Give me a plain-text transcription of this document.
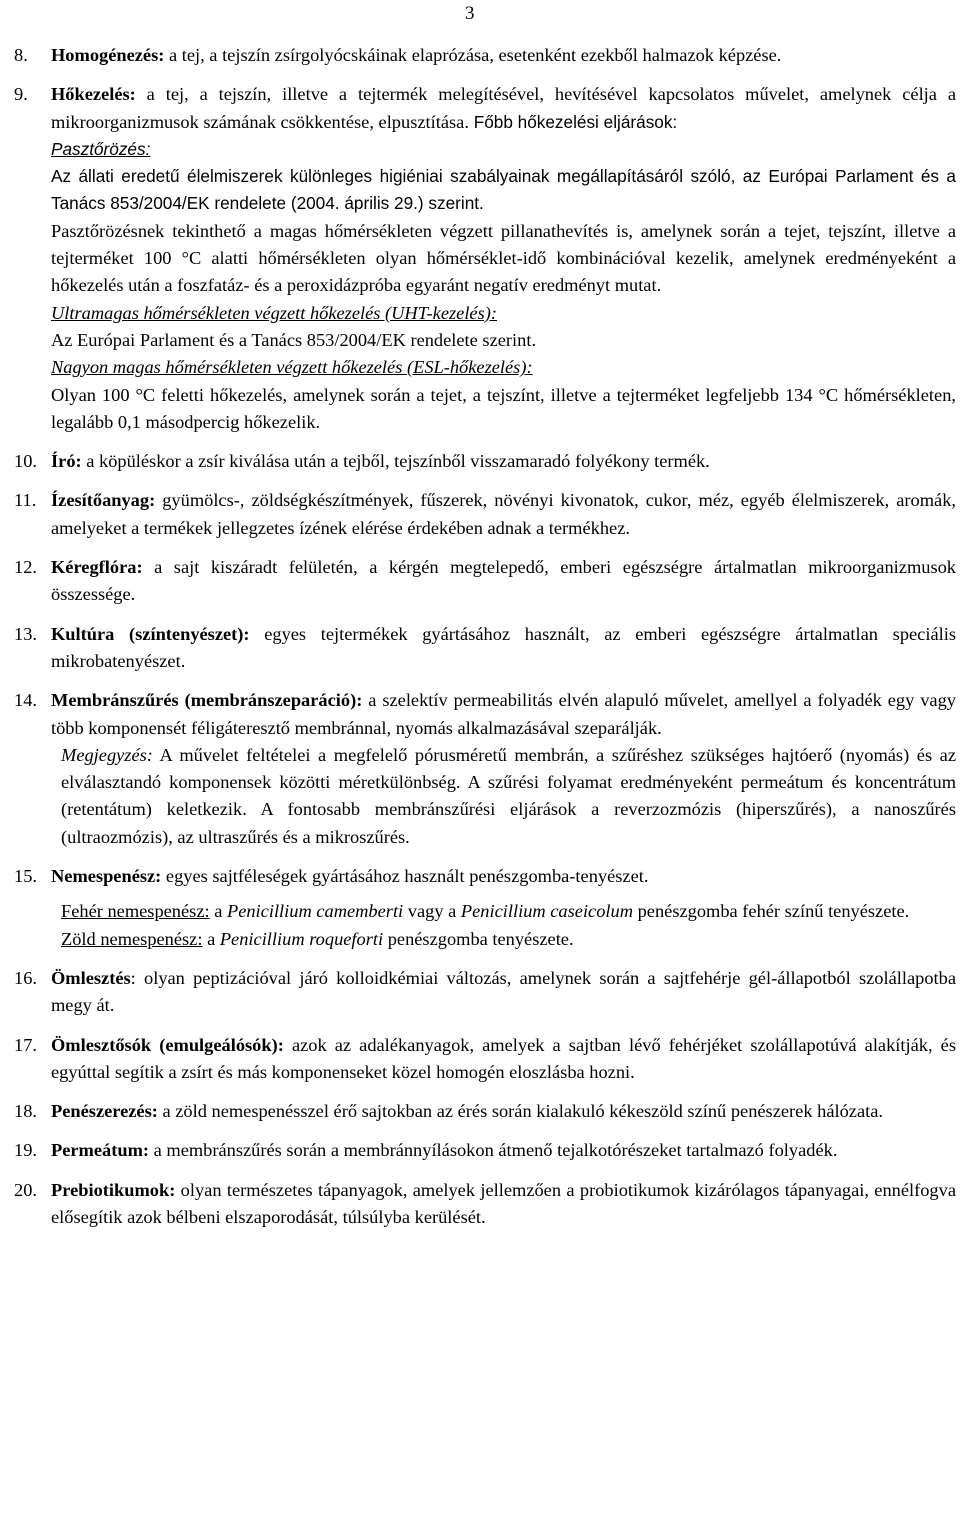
3
8.	Homogénezés: a tej, a tejszín zsírgolyócskáinak elaprózása, esetenként ezekből halmazok képzése.
9.	Hőkezelés: a tej, a tejszín, illetve a tejtermék melegítésével, hevítésével kapcsolatos művelet, amelynek célja a mikroorganizmusok számának csökkentése, elpusztítása. Főbb hőkezelési eljárások:

Pasztőrözés:

Az állati eredetű élelmiszerek különleges higiéniai szabályainak megállapításáról szóló, az Európai Parlament és a Tanács 853/2004/EK rendelete (2004. április 29.) szerint.

Pasztőrözésnek tekinthető a magas hőmérsékleten végzett pillanathevítés is, amelynek során a tejet, tejszínt, illetve a tejterméket 100 °C alatti hőmérsékleten olyan hőmérséklet-idő kombinációval kezelik, amelynek eredményeként a hőkezelés után a foszfatáz- és a peroxidázpróba egyaránt negatív eredményt mutat.

Ultramagas hőmérsékleten végzett hőkezelés (UHT-kezelés):

Az Európai Parlament és a Tanács 853/2004/EK rendelete szerint.

Nagyon magas hőmérsékleten végzett hőkezelés (ESL-hőkezelés):

Olyan 100 °C feletti hőkezelés, amelynek során a tejet, a tejszínt, illetve a tejterméket legfeljebb 134 °C hőmérsékleten, legalább 0,1 másodpercig hőkezelik.

10. Író: a köpüléskor a zsír kiválása után a tejből, tejszínből visszamaradó folyékony termék.
11. Ízesítőanyag: gyümölcs-, zöldségkészítmények, fűszerek, növényi kivonatok, cukor, méz, egyéb élelmiszerek, aromák, amelyeket a termékek jellegzetes ízének elérése érdekében adnak a termékhez.
12. Kéregflóra: a sajt kiszáradt felületén, a kérgén megtelepedő, emberi egészségre ártalmatlan mikroorganizmusok összessége.
13. Kultúra (színtenyészet): egyes tejtermékek gyártásához használt, az emberi egészségre ártalmatlan speciális mikrobatenyészet.
14. Membránszűrés (membránszeparáció): a szelektív permeabilitás elvén alapuló művelet, amellyel a folyadék egy vagy több komponensét féligáteresztő membránnal, nyomás alkalmazásával szeparálják.

Megjegyzés: A művelet feltételei a megfelelő pórusméretű membrán, a szűréshez szükséges hajtóerő (nyomás) és az elválasztandó komponensek közötti méretkülönbség. A szűrési folyamat eredményeként permeátum és koncentrátum (retentátum) keletkezik. A fontosabb membránszűrési eljárások a reverzozmózis (hiperszűrés), a nanoszűrés (ultraozmózis), az ultraszűrés és a mikroszűrés.

15. Nemespenész: egyes sajtféleségek gyártásához használt penészgomba-tenyészet.

Fehér nemespenész: a Penicillium camemberti vagy a Penicillium caseicolum penészgomba fehér színű tenyészete.

Zöld nemespenész: a Penicillium roqueforti penészgomba tenyészete.

16. Ömlesztés: olyan peptizációval járó kolloidkémiai változás, amelynek során a sajtfehérje gél-állapotból szolállapotba megy át.
17. Ömlesztősók (emulgeálósók): azok az adalékanyagok, amelyek a sajtban lévő fehérjéket szolállapotúvá alakítják, és egyúttal segítik a zsírt és más komponenseket közel homogén eloszlásba hozni.
18. Penészerezés: a zöld nemespenésszel érő sajtokban az érés során kialakuló kékeszöld színű penészerek hálózata.
19. Permeátum: a membránszűrés során a membránnyílásokon átmenő tejalkotórészeket tartalmazó folyadék.
20. Prebiotikumok: olyan természetes tápanyagok, amelyek jellemzően a probiotikumok kizárólagos tápanyagai, ennélfogva elősegítik azok bélbeni elszaporodását, túlsúlyba kerülését.
